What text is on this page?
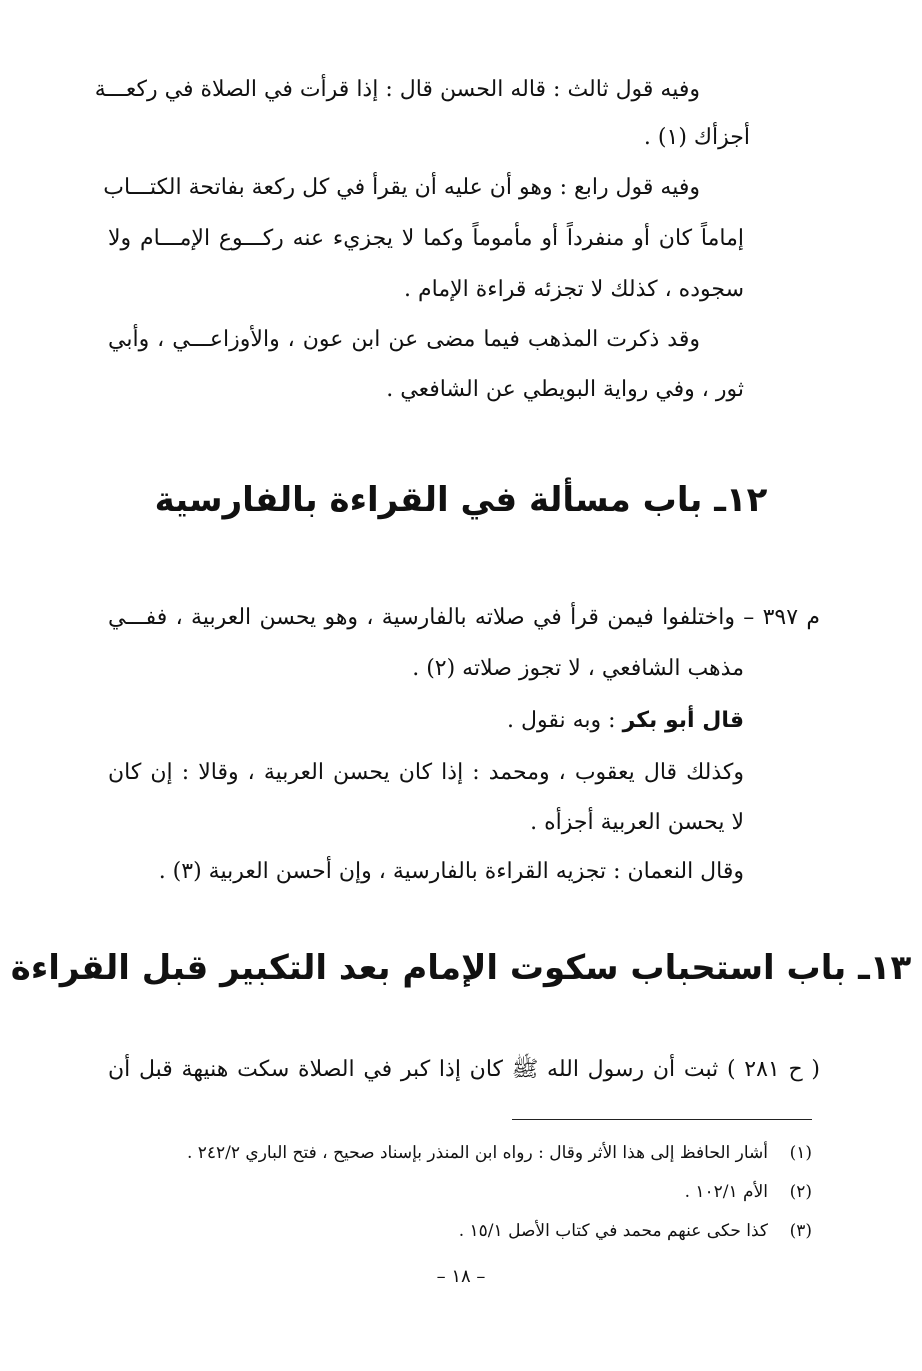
وفيه قول ثالث : قاله الحسن قال : إذا قرأت في الصلاة في ركعـــة
أجزأك (١) .
وفيه قول رابع : وهو أن عليه أن يقرأ في كل ركعة بفاتحة الكتـــاب
إماماً كان أو منفرداً أو مأموماً وكما لا يجزيء عنه ركـــوع الإمـــام ولا
سجوده ، كذلك لا تجزئه قراءة الإمام .
وقد ذكرت المذهب فيما مضى عن ابن عون ، والأوزاعـــي ، وأبي
ثور ، وفي رواية البويطي عن الشافعي .
١٢ـ باب مسألة في القراءة بالفارسية
م ٣٩٧ – واختلفوا فيمن قرأ في صلاته بالفارسية ، وهو يحسن العربية ، ففـــي
مذهب الشافعي ، لا تجوز صلاته (٢) .
قال أبو بكر : وبه نقول .
وكذلك قال يعقوب ، ومحمد : إذا كان يحسن العربية ، وقالا : إن كان
لا يحسن العربية أجزأه .
وقال النعمان : تجزيه القراءة بالفارسية ، وإن أحسن العربية (٣) .
١٣ـ باب استحباب سكوت الإمام بعد التكبير قبل القراءة
( ح ٢٨١ ) ثبت أن رسول الله ﷺ كان إذا كبر في الصلاة سكت هنيهة قبل أن
(١)أشار الحافظ إلى هذا الأثر وقال : رواه ابن المنذر بإسناد صحيح ، فتح الباري ٢٤٢/٢ .
(٢)الأم ١٠٢/١ .
(٣)كذا حكى عنهم محمد في كتاب الأصل ١٥/١ .
– ١٨ –
